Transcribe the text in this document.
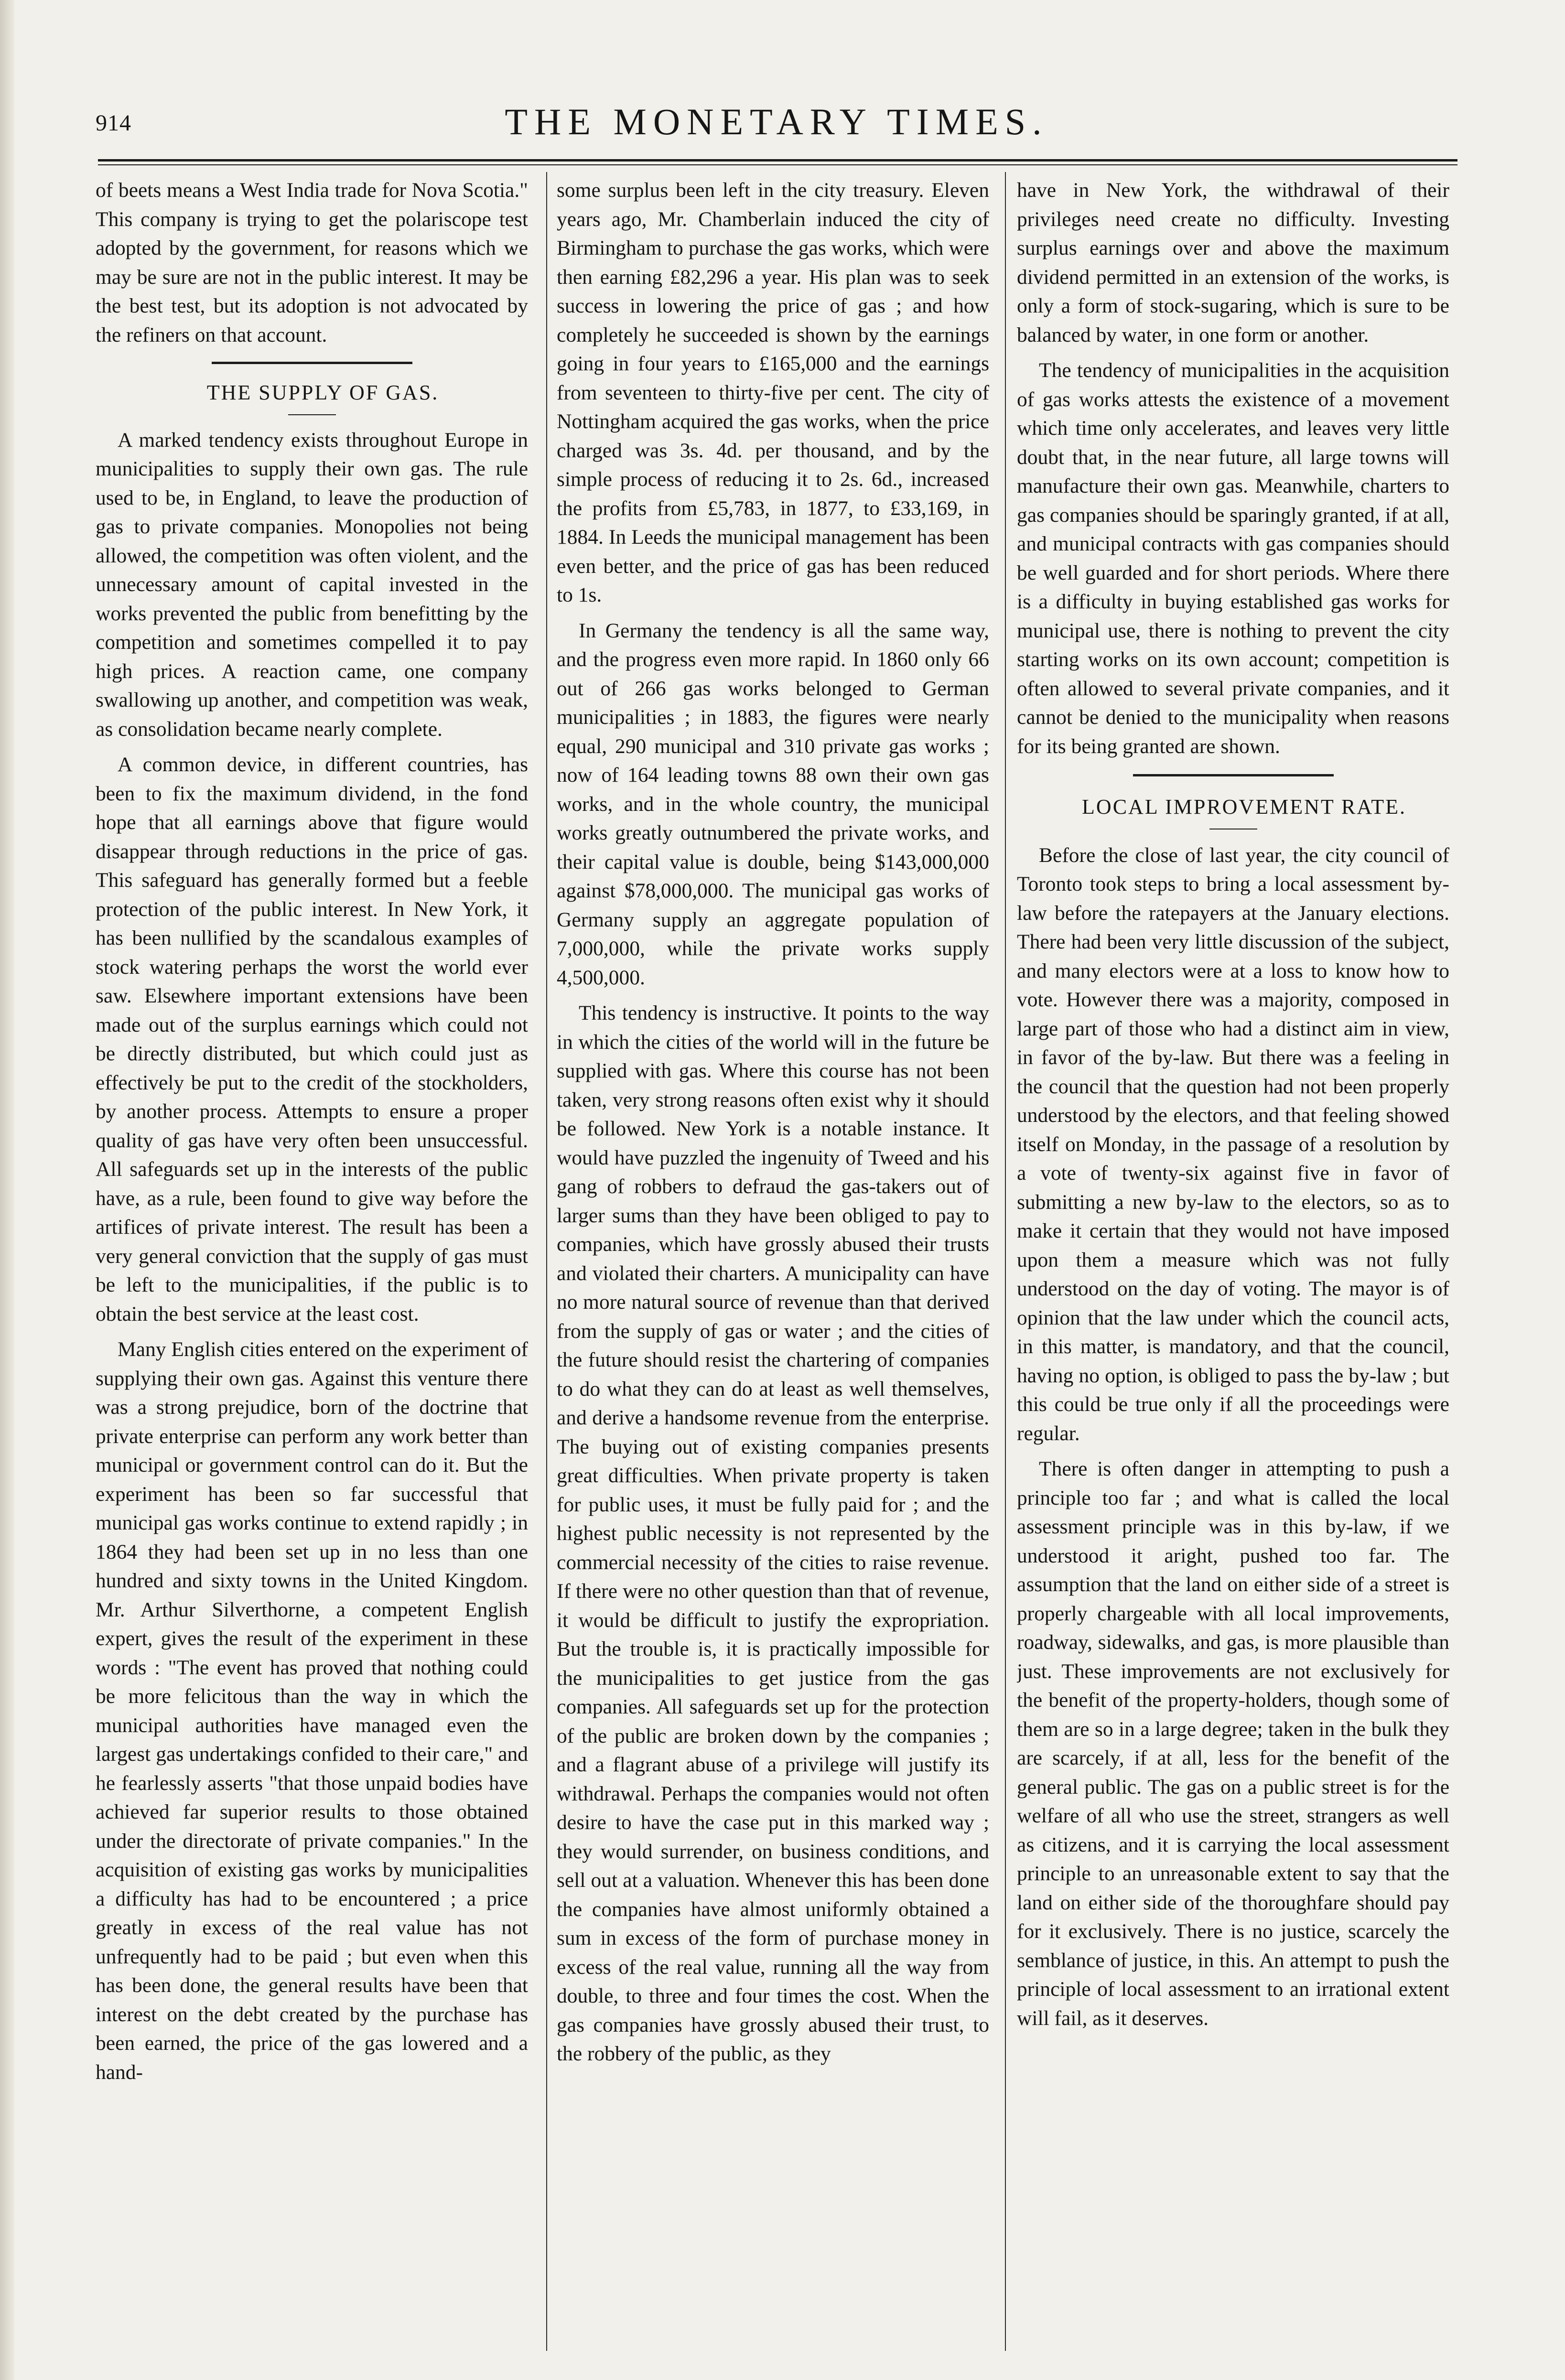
914	THE MONETARY TIMES.

of beets means a West India trade for Nova Scotia." This company is trying to get the polariscope test adopted by the government, for reasons which we may be sure are not in the public interest. It may be the best test, but its adoption is not advocated by the refiners on that account.

THE SUPPLY OF GAS.

A marked tendency exists throughout Europe in municipalities to supply their own gas. The rule used to be, in England, to leave the production of gas to private companies. Monopolies not being allowed, the competition was often violent, and the unnecessary amount of capital invested in the works prevented the public from benefitting by the competition and sometimes compelled it to pay high prices. A reaction came, one company swallowing up another, and competition was weak, as consolidation became nearly complete.

A common device, in different countries, has been to fix the maximum dividend, in the fond hope that all earnings above that figure would disappear through reductions in the price of gas. This safeguard has generally formed but a feeble protection of the public interest. In New York, it has been nullified by the scandalous examples of stock watering perhaps the worst the world ever saw. Elsewhere important extensions have been made out of the surplus earnings which could not be directly distributed, but which could just as effectively be put to the credit of the stockholders, by another process. Attempts to ensure a proper quality of gas have very often been unsuccessful. All safeguards set up in the interests of the public have, as a rule, been found to give way before the artifices of private interest. The result has been a very general conviction that the supply of gas must be left to the municipalities, if the public is to obtain the best service at the least cost.

Many English cities entered on the experiment of supplying their own gas. Against this venture there was a strong prejudice, born of the doctrine that private enterprise can perform any work better than municipal or government control can do it. But the experiment has been so far successful that municipal gas works continue to extend rapidly ; in 1864 they had been set up in no less than one hundred and sixty towns in the United Kingdom. Mr. Arthur Silverthorne, a competent English expert, gives the result of the experiment in these words : "The event has proved that nothing could be more felicitous than the way in which the municipal authorities have managed even the largest gas undertakings confided to their care," and he fearlessly asserts "that those unpaid bodies have achieved far superior results to those obtained under the directorate of private companies." In the acquisition of existing gas works by municipalities a difficulty has had to be encountered ; a price greatly in excess of the real value has not unfrequently had to be paid ; but even when this has been done, the general results have been that interest on the debt created by the purchase has been earned, the price of the gas lowered and a hand-

some surplus been left in the city treasury. Eleven years ago, Mr. Chamberlain induced the city of Birmingham to purchase the gas works, which were then earning £82,296 a year. His plan was to seek success in lowering the price of gas ; and how completely he succeeded is shown by the earnings going in four years to £165,000 and the earnings from seventeen to thirty-five per cent. The city of Nottingham acquired the gas works, when the price charged was 3s. 4d. per thousand, and by the simple process of reducing it to 2s. 6d., increased the profits from £5,783, in 1877, to £33,169, in 1884. In Leeds the municipal management has been even better, and the price of gas has been reduced to 1s.

In Germany the tendency is all the same way, and the progress even more rapid. In 1860 only 66 out of 266 gas works belonged to German municipalities ; in 1883, the figures were nearly equal, 290 municipal and 310 private gas works ; now of 164 leading towns 88 own their own gas works, and in the whole country, the municipal works greatly outnumbered the private works, and their capital value is double, being $143,000,000 against $78,000,000. The municipal gas works of Germany supply an aggregate population of 7,000,000, while the private works supply 4,500,000.

This tendency is instructive. It points to the way in which the cities of the world will in the future be supplied with gas. Where this course has not been taken, very strong reasons often exist why it should be followed. New York is a notable instance. It would have puzzled the ingenuity of Tweed and his gang of robbers to defraud the gas-takers out of larger sums than they have been obliged to pay to companies, which have grossly abused their trusts and violated their charters. A municipality can have no more natural source of revenue than that derived from the supply of gas or water ; and the cities of the future should resist the chartering of companies to do what they can do at least as well themselves, and derive a handsome revenue from the enterprise. The buying out of existing companies presents great difficulties. When private property is taken for public uses, it must be fully paid for ; and the highest public necessity is not represented by the commercial necessity of the cities to raise revenue. If there were no other question than that of revenue, it would be difficult to justify the expropriation. But the trouble is, it is practically impossible for the municipalities to get justice from the gas companies. All safeguards set up for the protection of the public are broken down by the companies ; and a flagrant abuse of a privilege will justify its withdrawal. Perhaps the companies would not often desire to have the case put in this marked way ; they would surrender, on business conditions, and sell out at a valuation. Whenever this has been done the companies have almost uniformly obtained a sum in excess of the form of purchase money in excess of the real value, running all the way from double, to three and four times the cost. When the gas companies have grossly abused their trust, to the robbery of the public, as they

have in New York, the withdrawal of their privileges need create no difficulty. Investing surplus earnings over and above the maximum dividend permitted in an extension of the works, is only a form of stock-sugaring, which is sure to be balanced by water, in one form or another.

The tendency of municipalities in the acquisition of gas works attests the existence of a movement which time only accelerates, and leaves very little doubt that, in the near future, all large towns will manufacture their own gas. Meanwhile, charters to gas companies should be sparingly granted, if at all, and municipal contracts with gas companies should be well guarded and for short periods. Where there is a difficulty in buying established gas works for municipal use, there is nothing to prevent the city starting works on its own account; competition is often allowed to several private companies, and it cannot be denied to the municipality when reasons for its being granted are shown.

LOCAL IMPROVEMENT RATE.

Before the close of last year, the city council of Toronto took steps to bring a local assessment by-law before the ratepayers at the January elections. There had been very little discussion of the subject, and many electors were at a loss to know how to vote. However there was a majority, composed in large part of those who had a distinct aim in view, in favor of the by-law. But there was a feeling in the council that the question had not been properly understood by the electors, and that feeling showed itself on Monday, in the passage of a resolution by a vote of twenty-six against five in favor of submitting a new by-law to the electors, so as to make it certain that they would not have imposed upon them a measure which was not fully understood on the day of voting. The mayor is of opinion that the law under which the council acts, in this matter, is mandatory, and that the council, having no option, is obliged to pass the by-law ; but this could be true only if all the proceedings were regular.

There is often danger in attempting to push a principle too far ; and what is called the local assessment principle was in this by-law, if we understood it aright, pushed too far. The assumption that the land on either side of a street is properly chargeable with all local improvements, roadway, sidewalks, and gas, is more plausible than just. These improvements are not exclusively for the benefit of the property-holders, though some of them are so in a large degree; taken in the bulk they are scarcely, if at all, less for the benefit of the general public. The gas on a public street is for the welfare of all who use the street, strangers as well as citizens, and it is carrying the local assessment principle to an unreasonable extent to say that the land on either side of the thoroughfare should pay for it exclusively. There is no justice, scarcely the semblance of justice, in this. An attempt to push the principle of local assessment to an irrational extent will fail, as it deserves.
